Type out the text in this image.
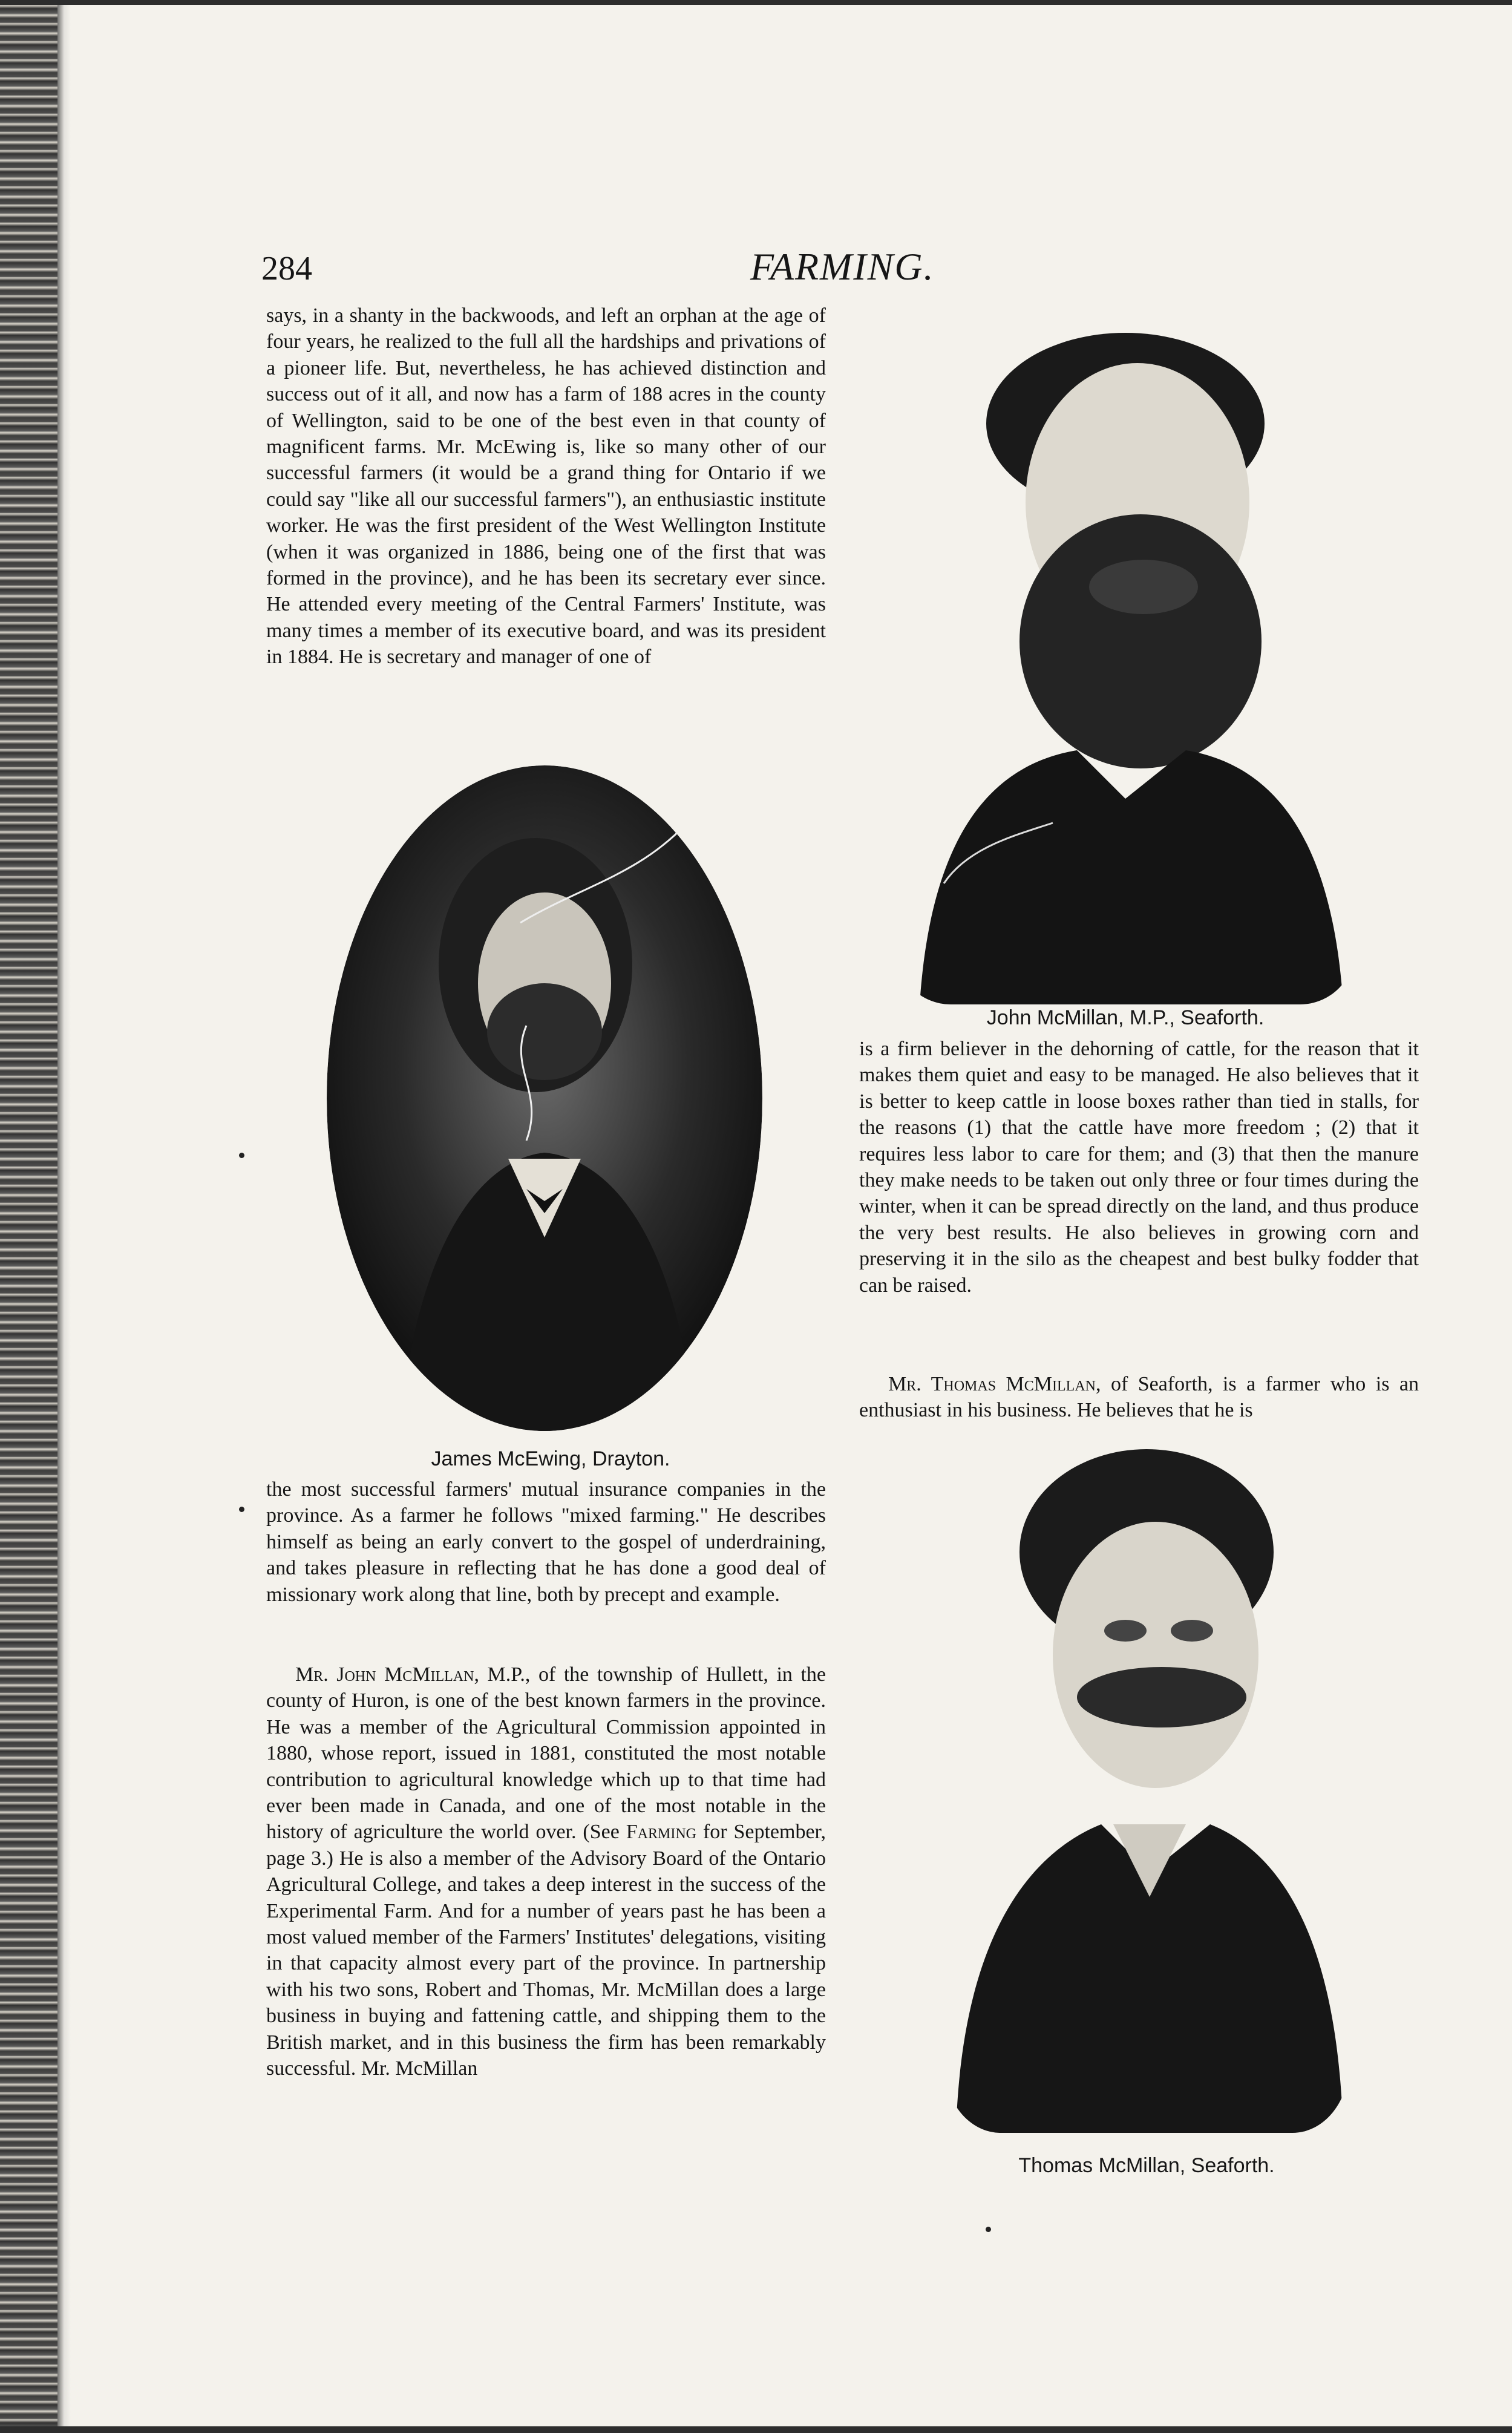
284	FARMING.

says, in a shanty in the backwoods, and left an orphan at the age of four years, he realized to the full all the hardships and privations of a pioneer life. But, nevertheless, he has achieved distinction and success out of it all, and now has a farm of 188 acres in the county of Wellington, said to be one of the best even in that county of magnificent farms. Mr. McEwing is, like so many other of our successful farmers (it would be a grand thing for Ontario if we could say "like all our successful farmers"), an enthusiastic institute worker. He was the first president of the West Wellington Institute (when it was organized in 1886, being one of the first that was formed in the province), and he has been its secretary ever since. He attended every meeting of the Central Farmers' Institute, was many times a member of its executive board, and was its president in 1884. He is secretary and manager of one of

James McEwing, Drayton.

the most successful farmers' mutual insurance companies in the province. As a farmer he follows "mixed farming." He describes himself as being an early convert to the gospel of underdraining, and takes pleasure in reflecting that he has done a good deal of missionary work along that line, both by precept and example.

Mr. John McMillan, M.P., of the township of Hullett, in the county of Huron, is one of the best known farmers in the province. He was a member of the Agricultural Commission appointed in 1880, whose report, issued in 1881, constituted the most notable contribution to agricultural knowledge which up to that time had ever been made in Canada, and one of the most notable in the history of agriculture the world over. (See Farming for September, page 3.) He is also a member of the Advisory Board of the Ontario Agricultural College, and takes a deep interest in the success of the Experimental Farm. And for a number of years past he has been a most valued member of the Farmers' Institutes' delegations, visiting in that capacity almost every part of the province. In partnership with his two sons, Robert and Thomas, Mr. McMillan does a large business in buying and fattening cattle, and shipping them to the British market, and in this business the firm has been remarkably successful. Mr. McMillan

John McMillan, M.P., Seaforth.

is a firm believer in the dehorning of cattle, for the reason that it makes them quiet and easy to be managed. He also believes that it is better to keep cattle in loose boxes rather than tied in stalls, for the reasons (1) that the cattle have more freedom ; (2) that it requires less labor to care for them; and (3) that then the manure they make needs to be taken out only three or four times during the winter, when it can be spread directly on the land, and thus produce the very best results. He also believes in growing corn and preserving it in the silo as the cheapest and best bulky fodder that can be raised.

Mr. Thomas McMillan, of Seaforth, is a farmer who is an enthusiast in his business. He believes that he is

Thomas McMillan, Seaforth.
